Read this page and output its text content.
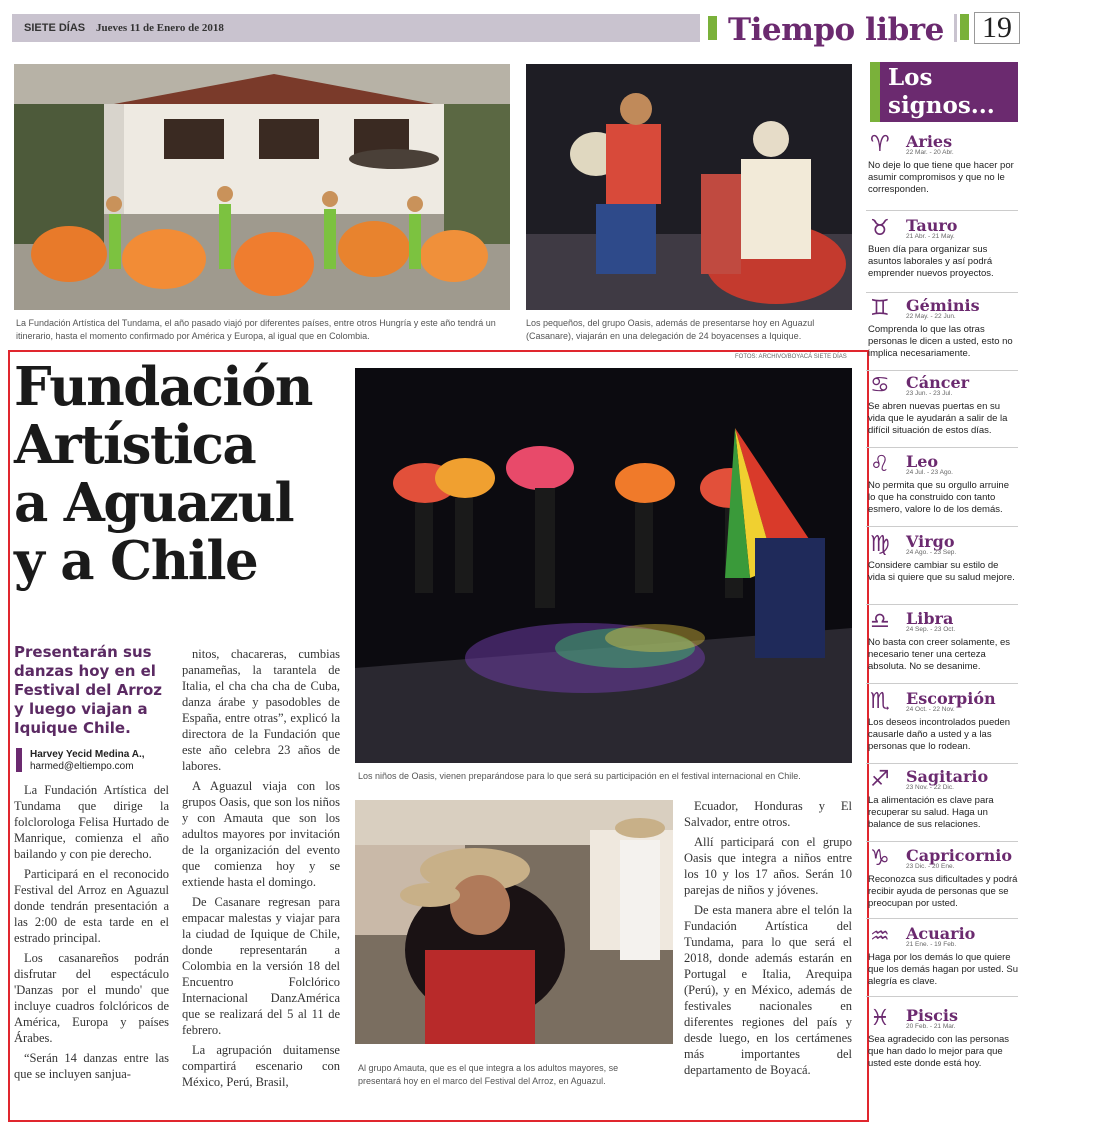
SIETE DÍAS Jueves 11 de Enero de 2018	Tiempo libre 19
La Fundación Artística del Tundama, el año pasado viajó por diferentes países, entre otros Hungría y este año tendrá un itinerario, hasta el momento confirmado por América y Europa, al igual que en Colombia.
Los pequeños, del grupo Oasis, además de presentarse hoy en Aguazul (Casanare), viajarán en una delegación de 24 boyacenses a Iquique.
Fundación
Artística
a Aguazul
y a Chile
Presentarán sus danzas hoy en el Festival del Arroz y luego viajan a Iquique Chile.
Harvey Yecid Medina A.,
harmed@eltiempo.com

La Fundación Artística del Tundama que dirige la folclorologa Felisa Hurtado de Manrique, comienza el año bailando y con pie derecho.

Participará en el reconocido Festival del Arroz en Aguazul donde tendrán presentación a las 2:00 de esta tarde en el estrado principal.

Los casanareños podrán disfrutar del espectáculo 'Danzas por el mundo' que incluye cuadros folclóricos de América, Europa y países Árabes.

“Serán 14 danzas entre las que se incluyen sanjua-

nitos, chacareras, cumbias panameñas, la tarantela de Italia, el cha cha cha de Cuba, danza árabe y pasodobles de España, entre otras”, explicó la directora de la Fundación que este año celebra 23 años de labores.

A Aguazul viaja con los grupos Oasis, que son los niños y con Amauta que son los adultos mayores por invitación de la organización del evento que comienza hoy y se extiende hasta el domingo.

De Casanare regresan para empacar malestas y viajar para la ciudad de Iquique de Chile, donde representarán a Colombia en la versión 18 del Encuentro Folclórico Internacional DanzAmérica que se realizará del 5 al 11 de febrero.

La agrupación duitamense compartirá escenario con México, Perú, Brasil,

FOTOS: ARCHIVO/BOYACÁ SIETE DÍAS
Los niños de Oasis, vienen preparándose para lo que será su participación en el festival internacional en Chile.
Al grupo Amauta, que es el que integra a los adultos mayores, se presentará hoy en el marco del Festival del Arroz, en Aguazul.

Ecuador, Honduras y El Salvador, entre otros.

Allí participará con el grupo Oasis que integra a niños entre los 10 y los 17 años. Serán 10 parejas de niños y jóvenes.

De esta manera abre el telón la Fundación Artística del Tundama, para lo que será el 2018, donde además estarán en Portugal e Italia, Arequipa (Perú), y en México, además de festivales nacionales en diferentes regiones del país y desde luego, en los certámenes más importantes del departamento de Boyacá.

Los
signos...
♈ Aries
22 Mar. - 20 Abr.
No deje lo que tiene que hacer por asumir compromisos y que no le corresponden.
♉ Tauro
21 Abr. - 21 May.
Buen día para organizar sus asuntos laborales y así podrá emprender nuevos proyectos.
♊ Géminis
22 May. - 22 Jun.
Comprenda lo que las otras personas le dicen a usted, esto no implica necesariamente.
♋ Cáncer
23 Jun. - 23 Jul.
Se abren nuevas puertas en su vida que le ayudarán a salir de la difícil situación de estos días.
♌ Leo
24 Jul. - 23 Ago.
No permita que su orgullo arruine lo que ha construido con tanto esmero, valore lo de los demás.
♍ Virgo
24 Ago. - 23 Sep.
Considere cambiar su estilo de vida si quiere que su salud mejore.
♎ Libra
24 Sep. - 23 Oct.
No basta con creer solamente, es necesario tener una certeza absoluta. No se desanime.
♏ Escorpión
24 Oct. - 22 Nov.
Los deseos incontrolados pueden causarle daño a usted y a las personas que lo rodean.
♐ Sagitario
23 Nov. - 22 Dic.
La alimentación es clave para recuperar su salud. Haga un balance de sus relaciones.
♑ Capricornio
23 Dic. - 20 Ene.
Reconozca sus dificultades y podrá recibir ayuda de personas que se preocupan por usted.
♒ Acuario
21 Ene. - 19 Feb.
Haga por los demás lo que quiere que los demás hagan por usted. Su alegría es clave.
♓ Piscis
20 Feb. - 21 Mar.
Sea agradecido con las personas que han dado lo mejor para que usted este donde está hoy.
